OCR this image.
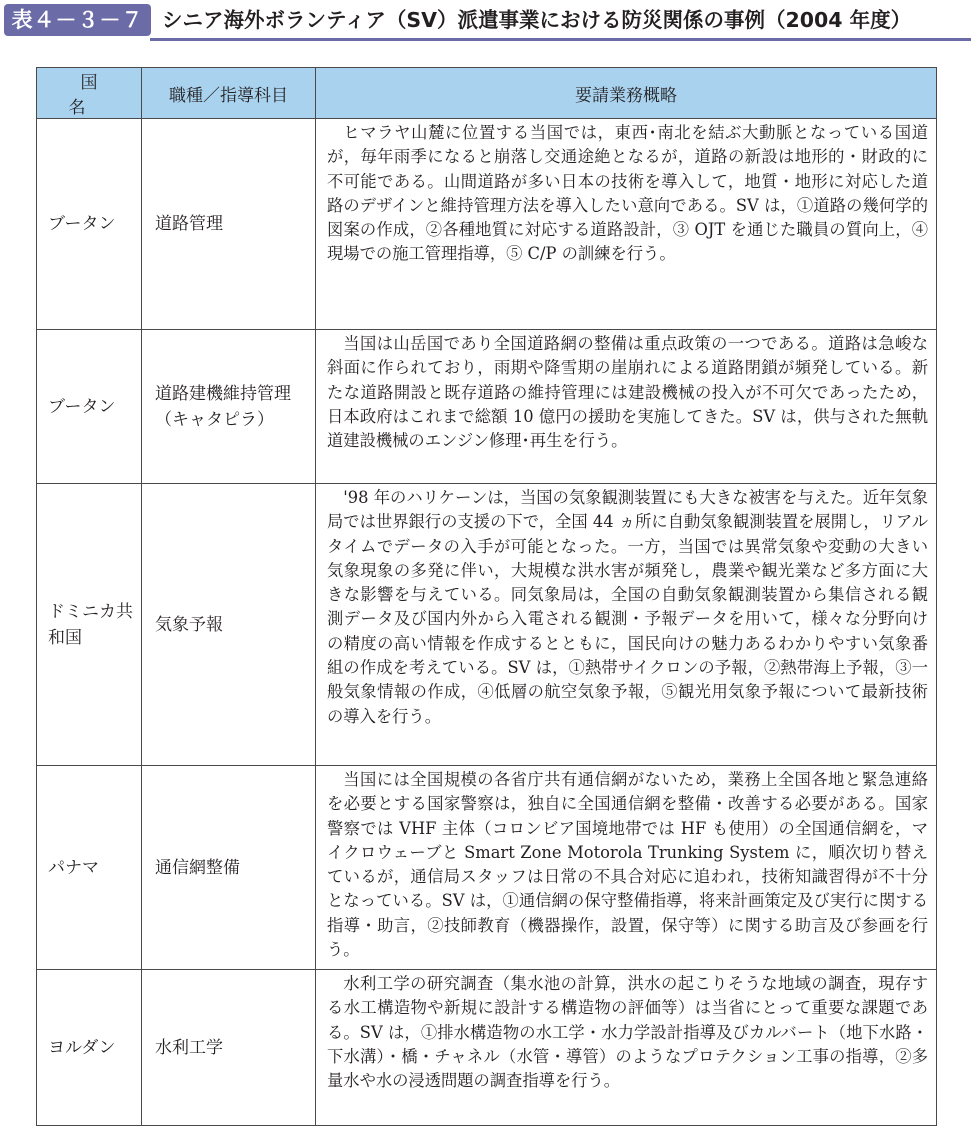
表４－３－７ シニア海外ボランティア（SV）派遣事業における防災関係の事例（2004 年度）
国名	職種／指導科目	要請業務概略
ブータン	道路管理	ヒマラヤ山麓に位置する当国では，東西･南北を結ぶ大動脈となっている国道が，毎年雨季になると崩落し交通途絶となるが，道路の新設は地形的・財政的に不可能である。山間道路が多い日本の技術を導入して，地質・地形に対応した道路のデザインと維持管理方法を導入したい意向である。SV は，①道路の幾何学的図案の作成，②各種地質に対応する道路設計，③ OJT を通じた職員の質向上，④現場での施工管理指導，⑤ C/P の訓練を行う。
ブータン	道路建機維持管理（キャタピラ）	当国は山岳国であり全国道路網の整備は重点政策の一つである。道路は急峻な斜面に作られており，雨期や降雪期の崖崩れによる道路閉鎖が頻発している。新たな道路開設と既存道路の維持管理には建設機械の投入が不可欠であったため，日本政府はこれまで総額 10 億円の援助を実施してきた。SV は，供与された無軌道建設機械のエンジン修理･再生を行う。
ドミニカ共和国	気象予報	'98 年のハリケーンは，当国の気象観測装置にも大きな被害を与えた。近年気象局では世界銀行の支援の下で，全国 44 ヵ所に自動気象観測装置を展開し，リアルタイムでデータの入手が可能となった。一方，当国では異常気象や変動の大きい気象現象の多発に伴い，大規模な洪水害が頻発し，農業や観光業など多方面に大きな影響を与えている。同気象局は，全国の自動気象観測装置から集信される観測データ及び国内外から入電される観測・予報データを用いて，様々な分野向けの精度の高い情報を作成するとともに，国民向けの魅力あるわかりやすい気象番組の作成を考えている。SV は，①熱帯サイクロンの予報，②熱帯海上予報，③一般気象情報の作成，④低層の航空気象予報，⑤観光用気象予報について最新技術の導入を行う。
パナマ	通信網整備	当国には全国規模の各省庁共有通信網がないため，業務上全国各地と緊急連絡を必要とする国家警察は，独自に全国通信網を整備・改善する必要がある。国家警察では VHF 主体（コロンビア国境地帯では HF も使用）の全国通信網を，マイクロウェーブと Smart Zone Motorola Trunking System に，順次切り替えているが，通信局スタッフは日常の不具合対応に追われ，技術知識習得が不十分となっている。SV は，①通信網の保守整備指導，将来計画策定及び実行に関する指導・助言，②技師教育（機器操作，設置，保守等）に関する助言及び参画を行う。
ヨルダン	水利工学	水利工学の研究調査（集水池の計算，洪水の起こりそうな地域の調査，現存する水工構造物や新規に設計する構造物の評価等）は当省にとって重要な課題である。SV は，①排水構造物の水工学・水力学設計指導及びカルバート（地下水路・下水溝）・橋・チャネル（水管・導管）のようなプロテクション工事の指導，②多量水や水の浸透問題の調査指導を行う。
